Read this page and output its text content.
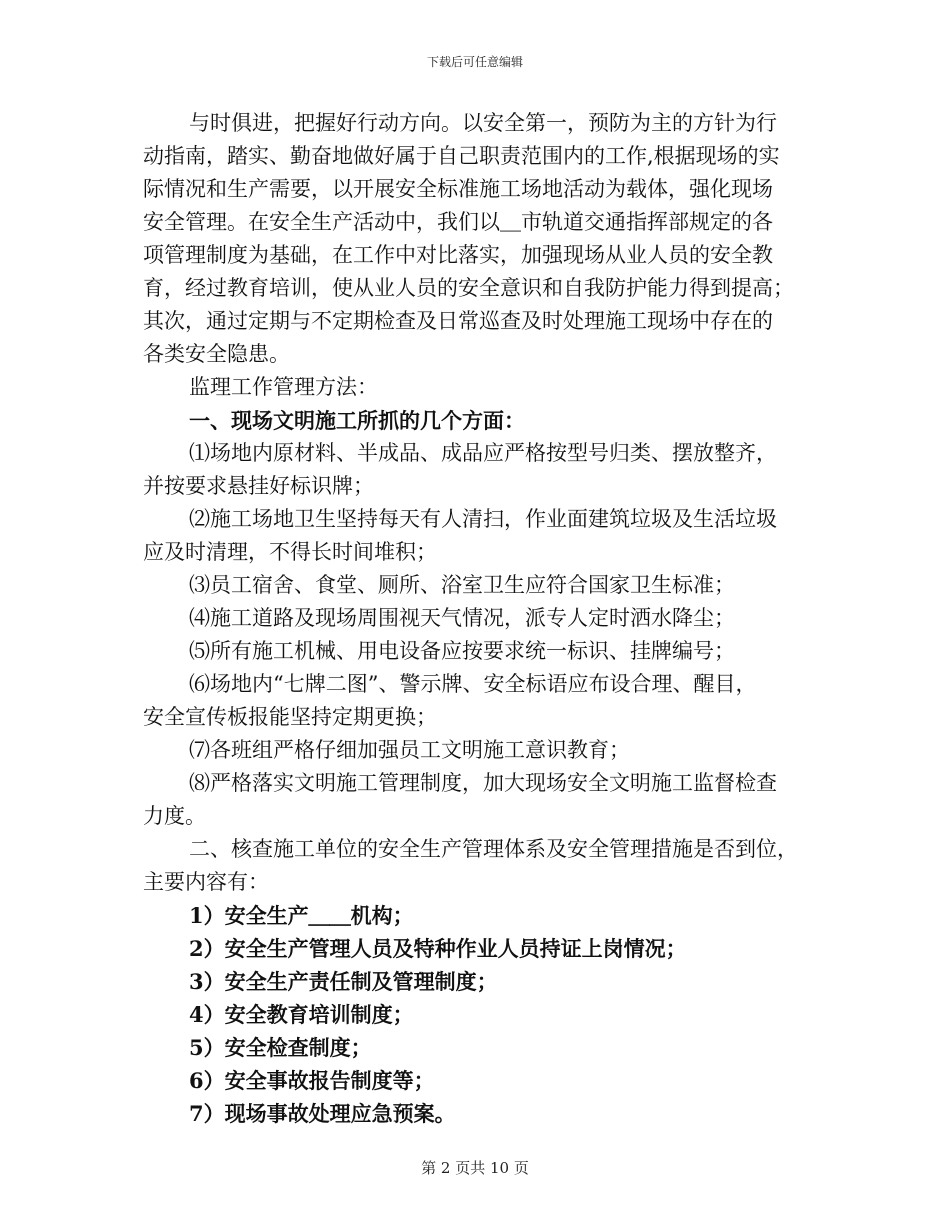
下载后可任意编辑
与时俱进，把握好行动方向。以安全第一，预防为主的方针为行
动指南，踏实、勤奋地做好属于自己职责范围内的工作,根据现场的实
际情况和生产需要，以开展安全标准施工场地活动为载体，强化现场
安全管理。在安全生产活动中，我们以＿市轨道交通指挥部规定的各
项管理制度为基础，在工作中对比落实，加强现场从业人员的安全教
育，经过教育培训，使从业人员的安全意识和自我防护能力得到提高；
其次，通过定期与不定期检查及日常巡查及时处理施工现场中存在的
各类安全隐患。
监理工作管理方法：
一、现场文明施工所抓的几个方面：
⑴场地内原材料、半成品、成品应严格按型号归类、摆放整齐，
并按要求悬挂好标识牌；
⑵施工场地卫生坚持每天有人清扫，作业面建筑垃圾及生活垃圾
应及时清理，不得长时间堆积；
⑶员工宿舍、食堂、厕所、浴室卫生应符合国家卫生标准；
⑷施工道路及现场周围视天气情况，派专人定时洒水降尘；
⑸所有施工机械、用电设备应按要求统一标识、挂牌编号；
⑹场地内“七牌二图”、警示牌、安全标语应布设合理、醒目，
安全宣传板报能坚持定期更换；
⑺各班组严格仔细加强员工文明施工意识教育；
⑻严格落实文明施工管理制度，加大现场安全文明施工监督检查
力度。
二、核查施工单位的安全生产管理体系及安全管理措施是否到位，
主要内容有：
1）安全生产＿＿机构；
2）安全生产管理人员及特种作业人员持证上岗情况；
3）安全生产责任制及管理制度；
4）安全教育培训制度；
5）安全检查制度；
6）安全事故报告制度等；
7）现场事故处理应急预案。
第 2 页共 10 页
